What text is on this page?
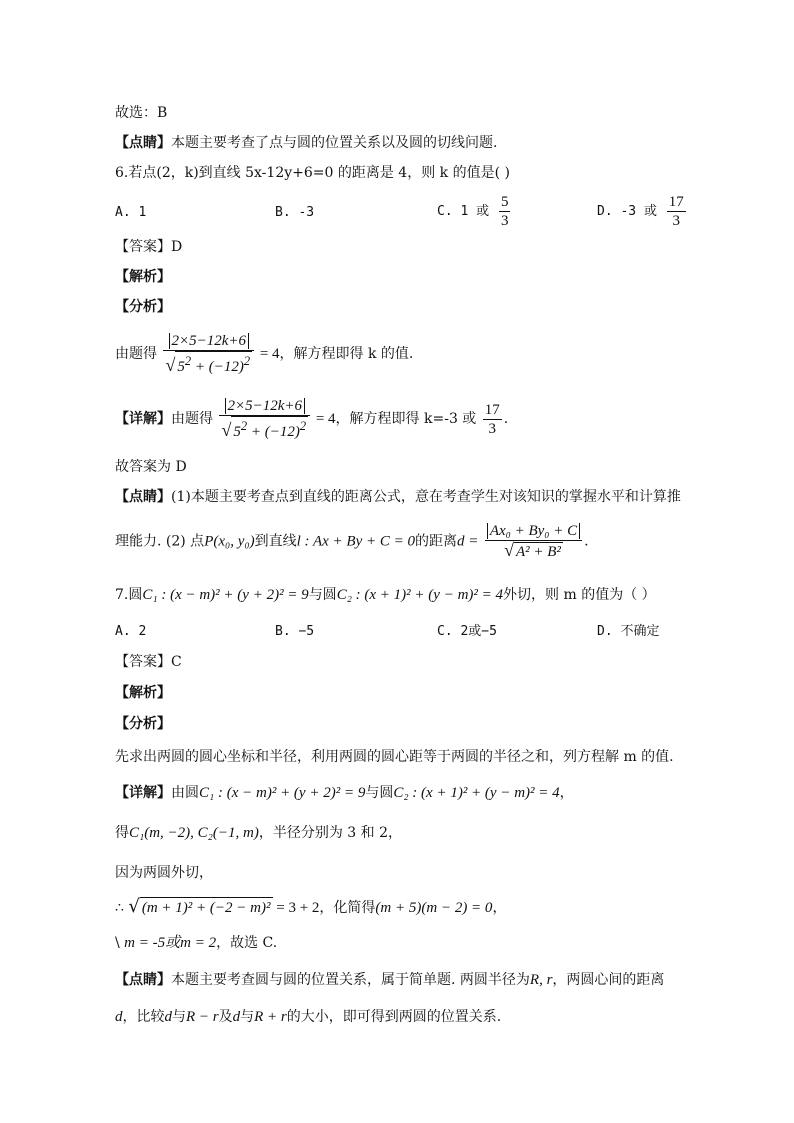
故选：B
【点睛】本题主要考查了点与圆的位置关系以及圆的切线问题.
6.若点(2，k)到直线 5x-12y+6=0 的距离是 4，则 k 的值是( )
A. 1	B. -3	C. 1 或 $\frac{5}{3}$	D. -3 或 $\frac{17}{3}$
【答案】D
【解析】
【分析】
由题得 $\frac{2\times 5-12k+6}{√ 5^2 + (-12)^2} = 4$，解方程即得 k 的值.
【详解】由题得 $\frac{2\times 5-12k+6}{√ 5^2 + (-12)^2} = 4$，解方程即得 k=-3 或 $\frac{17}{3}$ .
故答案为 D
【点睛】(1)本题主要考查点到直线的距离公式，意在考查学生对该知识的掌握水平和计算推
理能力. (2) 点P(x₀, y₀)到直线l : Ax + By + C = 0的距离$d = \frac{\text{Ax₀ + By₀ + C}}{\text{√ A² + B²}}$ .
7.圆C₁ : (x − m)² + (y + 2)² = 9与圆C₂ : (x + 1)² + (y − m)² = 4外切，则 m 的值为（ ）
A. 2	B. −5	C. 2或−5	D. 不确定
【答案】C
【解析】
【分析】
先求出两圆的圆心坐标和半径，利用两圆的圆心距等于两圆的半径之和，列方程解 m 的值.
【详解】由圆C₁ : (x − m)² + (y + 2)² = 9与圆C₂ : (x + 1)² + (y − m)² = 4，
得C₁(m, −2), C₂(−1, m)，半径分别为 3 和 2，
因为两圆外切，
∴ √ (m + 1)² + (−2 − m)² = 3 + 2，化简得(m + 5)(m − 2) = 0，
\ m = -5或m = 2，故选 C.
【点睛】本题主要考查圆与圆的位置关系，属于简单题. 两圆半径为R, r，两圆心间的距离
d，比较d与R − r及d与R + r的大小，即可得到两圆的位置关系.
